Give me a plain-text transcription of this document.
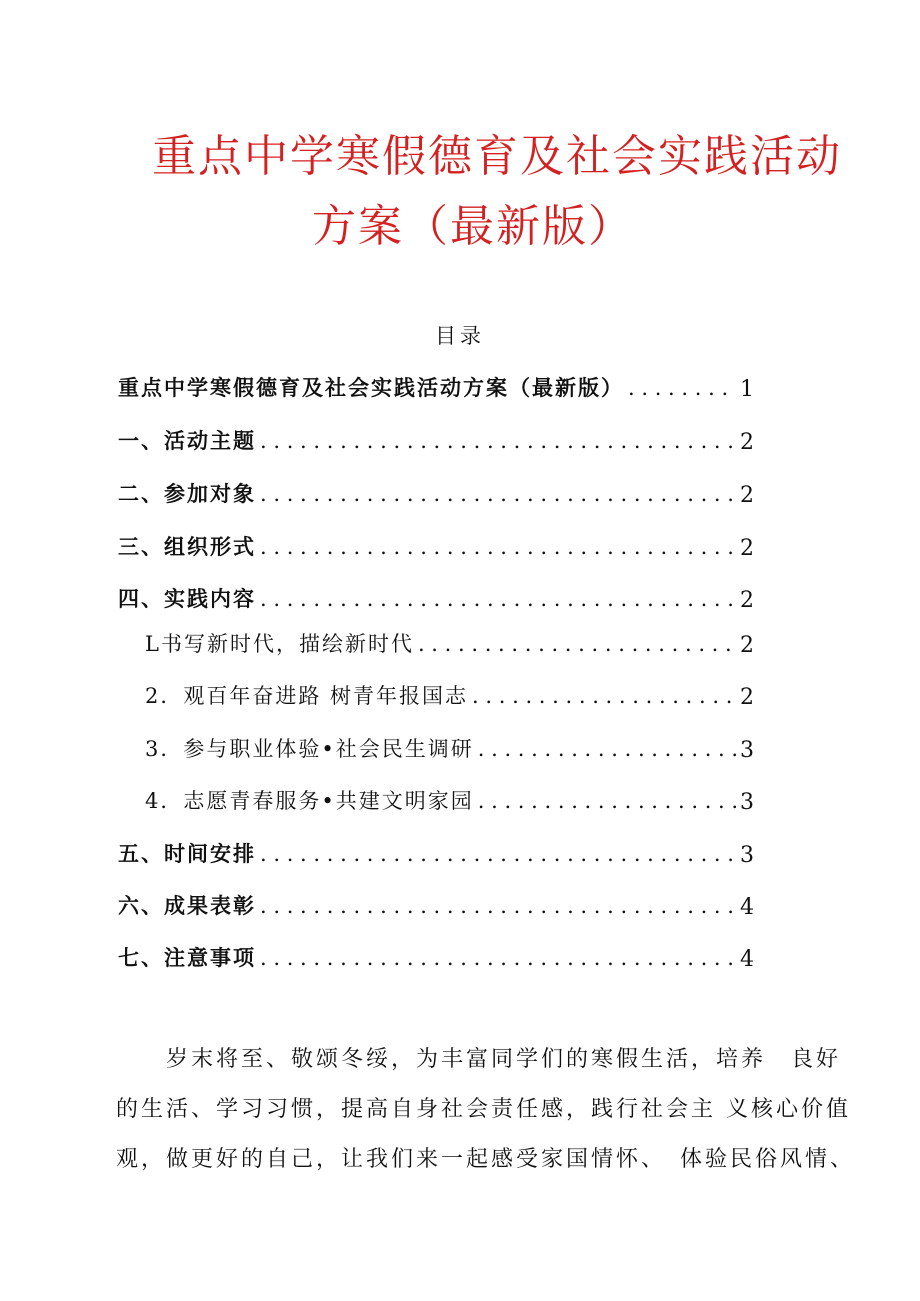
重点中学寒假德育及社会实践活动
方案（最新版）
目录
重点中学寒假德育及社会实践活动方案（最新版） . . .	1
一、活动主题 . . .	2
二、参加对象 . . .	2
三、组织形式 . . .	2
四、实践内容 . . .	2
L书写新时代，描绘新时代 . . .	2
2．观百年奋进路 树青年报国志 . . .	2
3．参与职业体验•社会民生调研 . . .	3
4．志愿青春服务•共建文明家园 . . .	3
五、时间安排 . . .	3
六、成果表彰 . . .	4
七、注意事项 . . .	4
岁末将至、敬颂冬绥，为丰富同学们的寒假生活，培养　良好
的生活、学习习惯，提高自身社会责任感，践行社会主 义核心价值
观，做更好的自己，让我们来一起感受家国情怀、　体验民俗风情、
